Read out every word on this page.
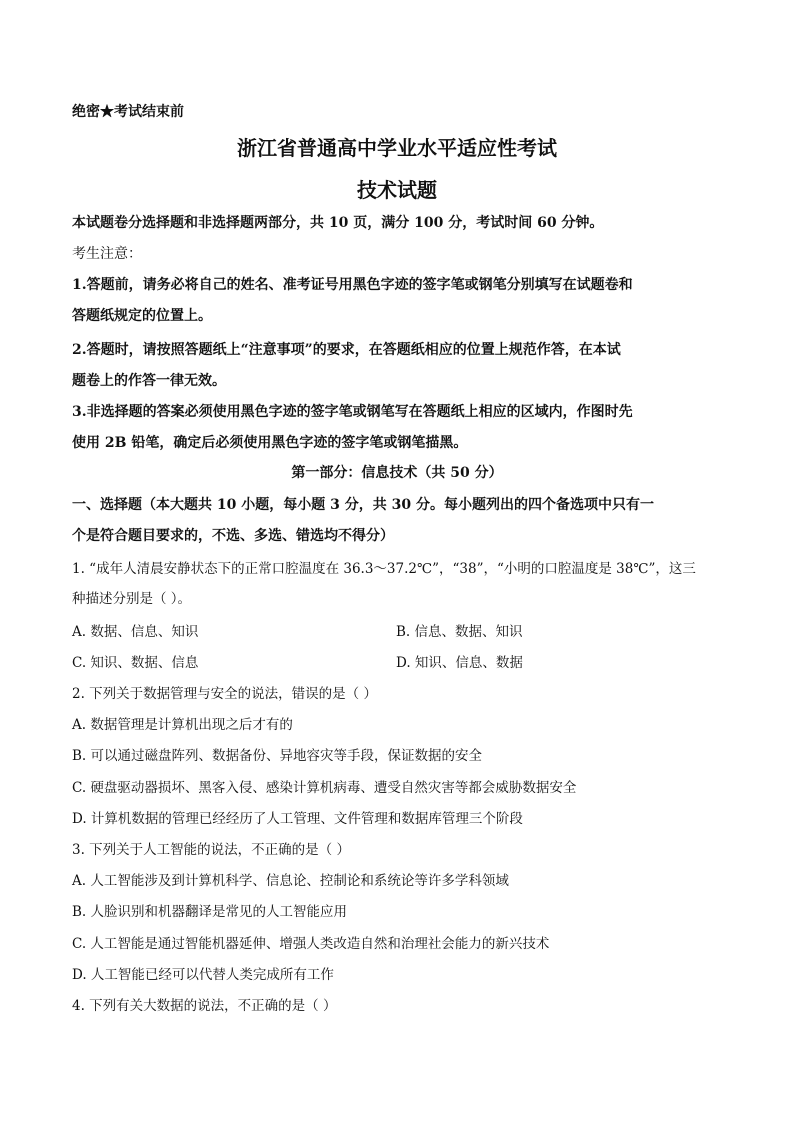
绝密★考试结束前
浙江省普通高中学业水平适应性考试
技术试题
本试题卷分选择题和非选择题两部分，共 10 页，满分 100 分，考试时间 60 分钟。
考生注意：
1.答题前，请务必将自己的姓名、准考证号用黑色字迹的签字笔或钢笔分别填写在试题卷和
答题纸规定的位置上。
2.答题时，请按照答题纸上“注意事项”的要求，在答题纸相应的位置上规范作答，在本试
题卷上的作答一律无效。
3.非选择题的答案必须使用黑色字迹的签字笔或钢笔写在答题纸上相应的区域内，作图时先
使用 2B 铅笔，确定后必须使用黑色字迹的签字笔或钢笔描黑。
第一部分：信息技术（共 50 分）
一、选择题（本大题共 10 小题，每小题 3 分，共 30 分。每小题列出的四个备选项中只有一
个是符合题目要求的，不选、多选、错选均不得分）
1. “成年人清晨安静状态下的正常口腔温度在 36.3～37.2℃”，“38”，“小明的口腔温度是 38℃”，这三
种描述分别是（ ）。
A. 数据、信息、知识	B. 信息、数据、知识
C. 知识、数据、信息	D. 知识、信息、数据
2. 下列关于数据管理与安全的说法，错误的是（ ）
A. 数据管理是计算机出现之后才有的
B. 可以通过磁盘阵列、数据备份、异地容灾等手段，保证数据的安全
C. 硬盘驱动器损坏、黑客入侵、感染计算机病毒、遭受自然灾害等都会威胁数据安全
D. 计算机数据的管理已经经历了人工管理、文件管理和数据库管理三个阶段
3. 下列关于人工智能的说法，不正确的是（ ）
A. 人工智能涉及到计算机科学、信息论、控制论和系统论等许多学科领域
B. 人脸识别和机器翻译是常见的人工智能应用
C. 人工智能是通过智能机器延伸、增强人类改造自然和治理社会能力的新兴技术
D. 人工智能已经可以代替人类完成所有工作
4. 下列有关大数据的说法，不正确的是（ ）
